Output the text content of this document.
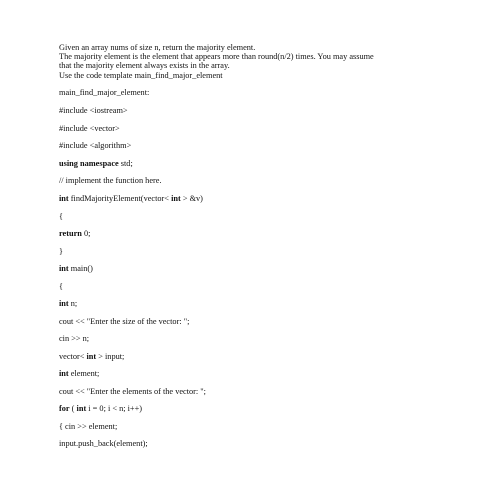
Given an array nums of size n, return the majority element.
The majority element is the element that appears more than round(n/2) times. You may assume
that the majority element always exists in the array.
Use the code template main_find_major_element
main_find_major_element:
#include <iostream>
#include <vector>
#include <algorithm>
using namespace std;
// implement the function here.
int findMajorityElement(vector< int > &v)
{
return 0;
}
int main()
{
int n;
cout << "Enter the size of the vector: ";
cin >> n;
vector< int > input;
int element;
cout << "Enter the elements of the vector: ";
for ( int i = 0; i < n; i++)
{ cin >> element;
input.push_back(element);
